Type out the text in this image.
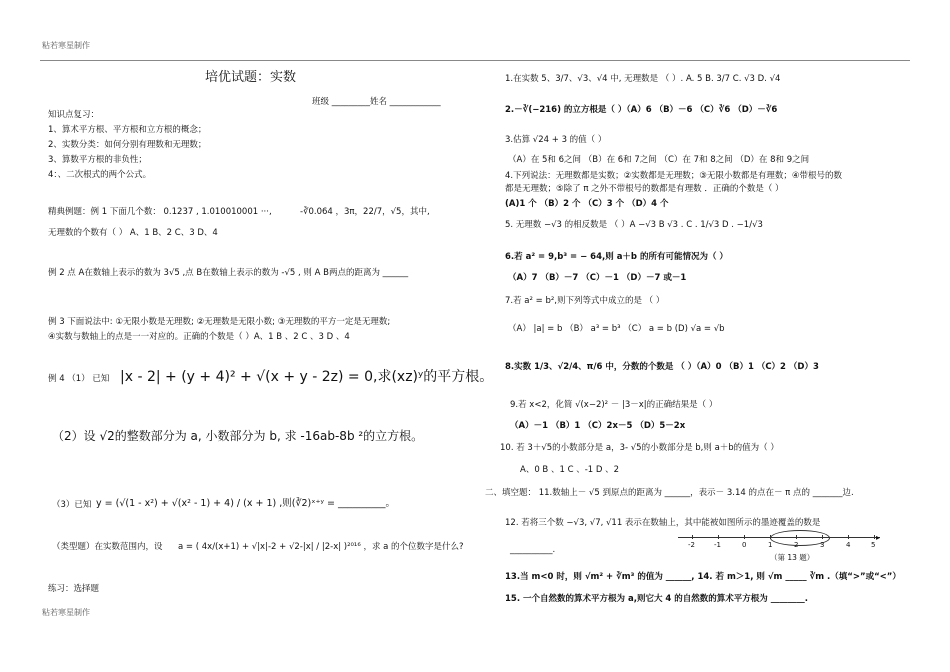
粘若寒星制作
培优试题：实数
班级 _________姓名 ____________
知识点复习：
1、算术平方根、平方根和立方根的概念；
2、实数分类：如何分别有理数和无理数；
3、算数平方根的非负性；
4：、二次根式的两个公式。
精典例题：例 1 下面几个数： 0.1237 , 1.010010001 ···,	-∛0.064 ，3π，22/7，√5，其中,
无理数的个数有（ ） A、1 B、2 C、3 D、4
例 2 点 A在数轴上表示的数为 3√5 ,点 B在数轴上表示的数为 -√5 , 则 A B两点的距离为 ______
例 3 下面说法中: ①无限小数是无理数; ②无理数是无限小数; ③无理数的平方一定是无理数;
④实数与数轴上的点是一一对应的。正确的个数是（ ）A、1 B 、2 C 、3 D 、4
例 4 （1） 已知 |x - 2| + (y + 4)² + √(x + y - 2z) = 0,求(xz)ʸ的平方根。
（2）设 √2的整数部分为 a, 小数部分为 b, 求 -16ab-8b ²的立方根。
（3）已知 y = (√(1 - x²) + √(x² - 1) + 4) / (x + 1) ,则(∛2)ˣ⁺ʸ = __________。
（类型题）在实数范围内，设 a = ( 4x/(x+1) + √|x|-2 + √2-|x| / |2-x| )²⁰¹⁶ ，求 a 的个位数字是什么?
练习：选择题
1.在实数 5、3/7、√3、√4 中, 无理数是 （ ）. A. 5 B. 3/7 C. √3 D. √4
2.－∛(−216) 的立方根是（ ）（A）6 （B）－6 （C）∛6 （D）－∛6
3.估算 √24 + 3 的值（ ）
（A）在 5和 6之间 （B）在 6和 7之间 （C）在 7和 8之间 （D）在 8和 9之间
4.下列说法：无理数都是实数；②实数都是无理数；③无限小数都是有理数；④带根号的数
都是无理数；⑤除了 π 之外不带根号的数都是有理数 ．正确的个数是（ ）
(A)1 个 （B）2 个 （C）3 个 （D）4 个
5. 无理数 −√3 的相反数是 （ ）A −√3 B √3 . C . 1/√3 D . −1/√3
6.若 a² = 9,b³ = − 64,则 a＋b 的所有可能情况为（ ）
（A）7 （B）－7 （C）－1 （D）－7 或－1
7.若 a² = b²,则下列等式中成立的是 （ ）
（A） |a| = b （B） a³ = b³ （C） a = b (D) √a = √b
8.实数 1/3、√2/4、π/6 中，分数的个数是 （ ）（A）0 （B）1 （C）2 （D）3
9.若 x<2，化简 √(x−2)² － |3－x|的正确结果是（ ）
（A）－1 （B）1 （C）2x－5 （D）5－2x
10. 若 3＋√5的小数部分是 a，3- √5的小数部分是 b,则 a＋b的值为（ ）
A、0 B 、1 C 、-1 D 、2
二、填空题： 11.数轴上－ √5 到原点的距离为 ______，表示－ 3.14 的点在－ π 点的 _______边.
12. 若将三个数 −√3, √7, √11 表示在数轴上，其中能被如图所示的墨迹覆盖的数是
__________.
▸
-2	-1	0	1	2	3	4	5
（第 13 题）
13.当 m<0 时，则 √m² + ∛m³ 的值为 ______, 14. 若 m＞1, 则 √m _____ ∛m .（填“>”或“<”）
15. 一个自然数的算术平方根为 a,则它大 4 的自然数的算术平方根为 ________.
粘若寒星制作
